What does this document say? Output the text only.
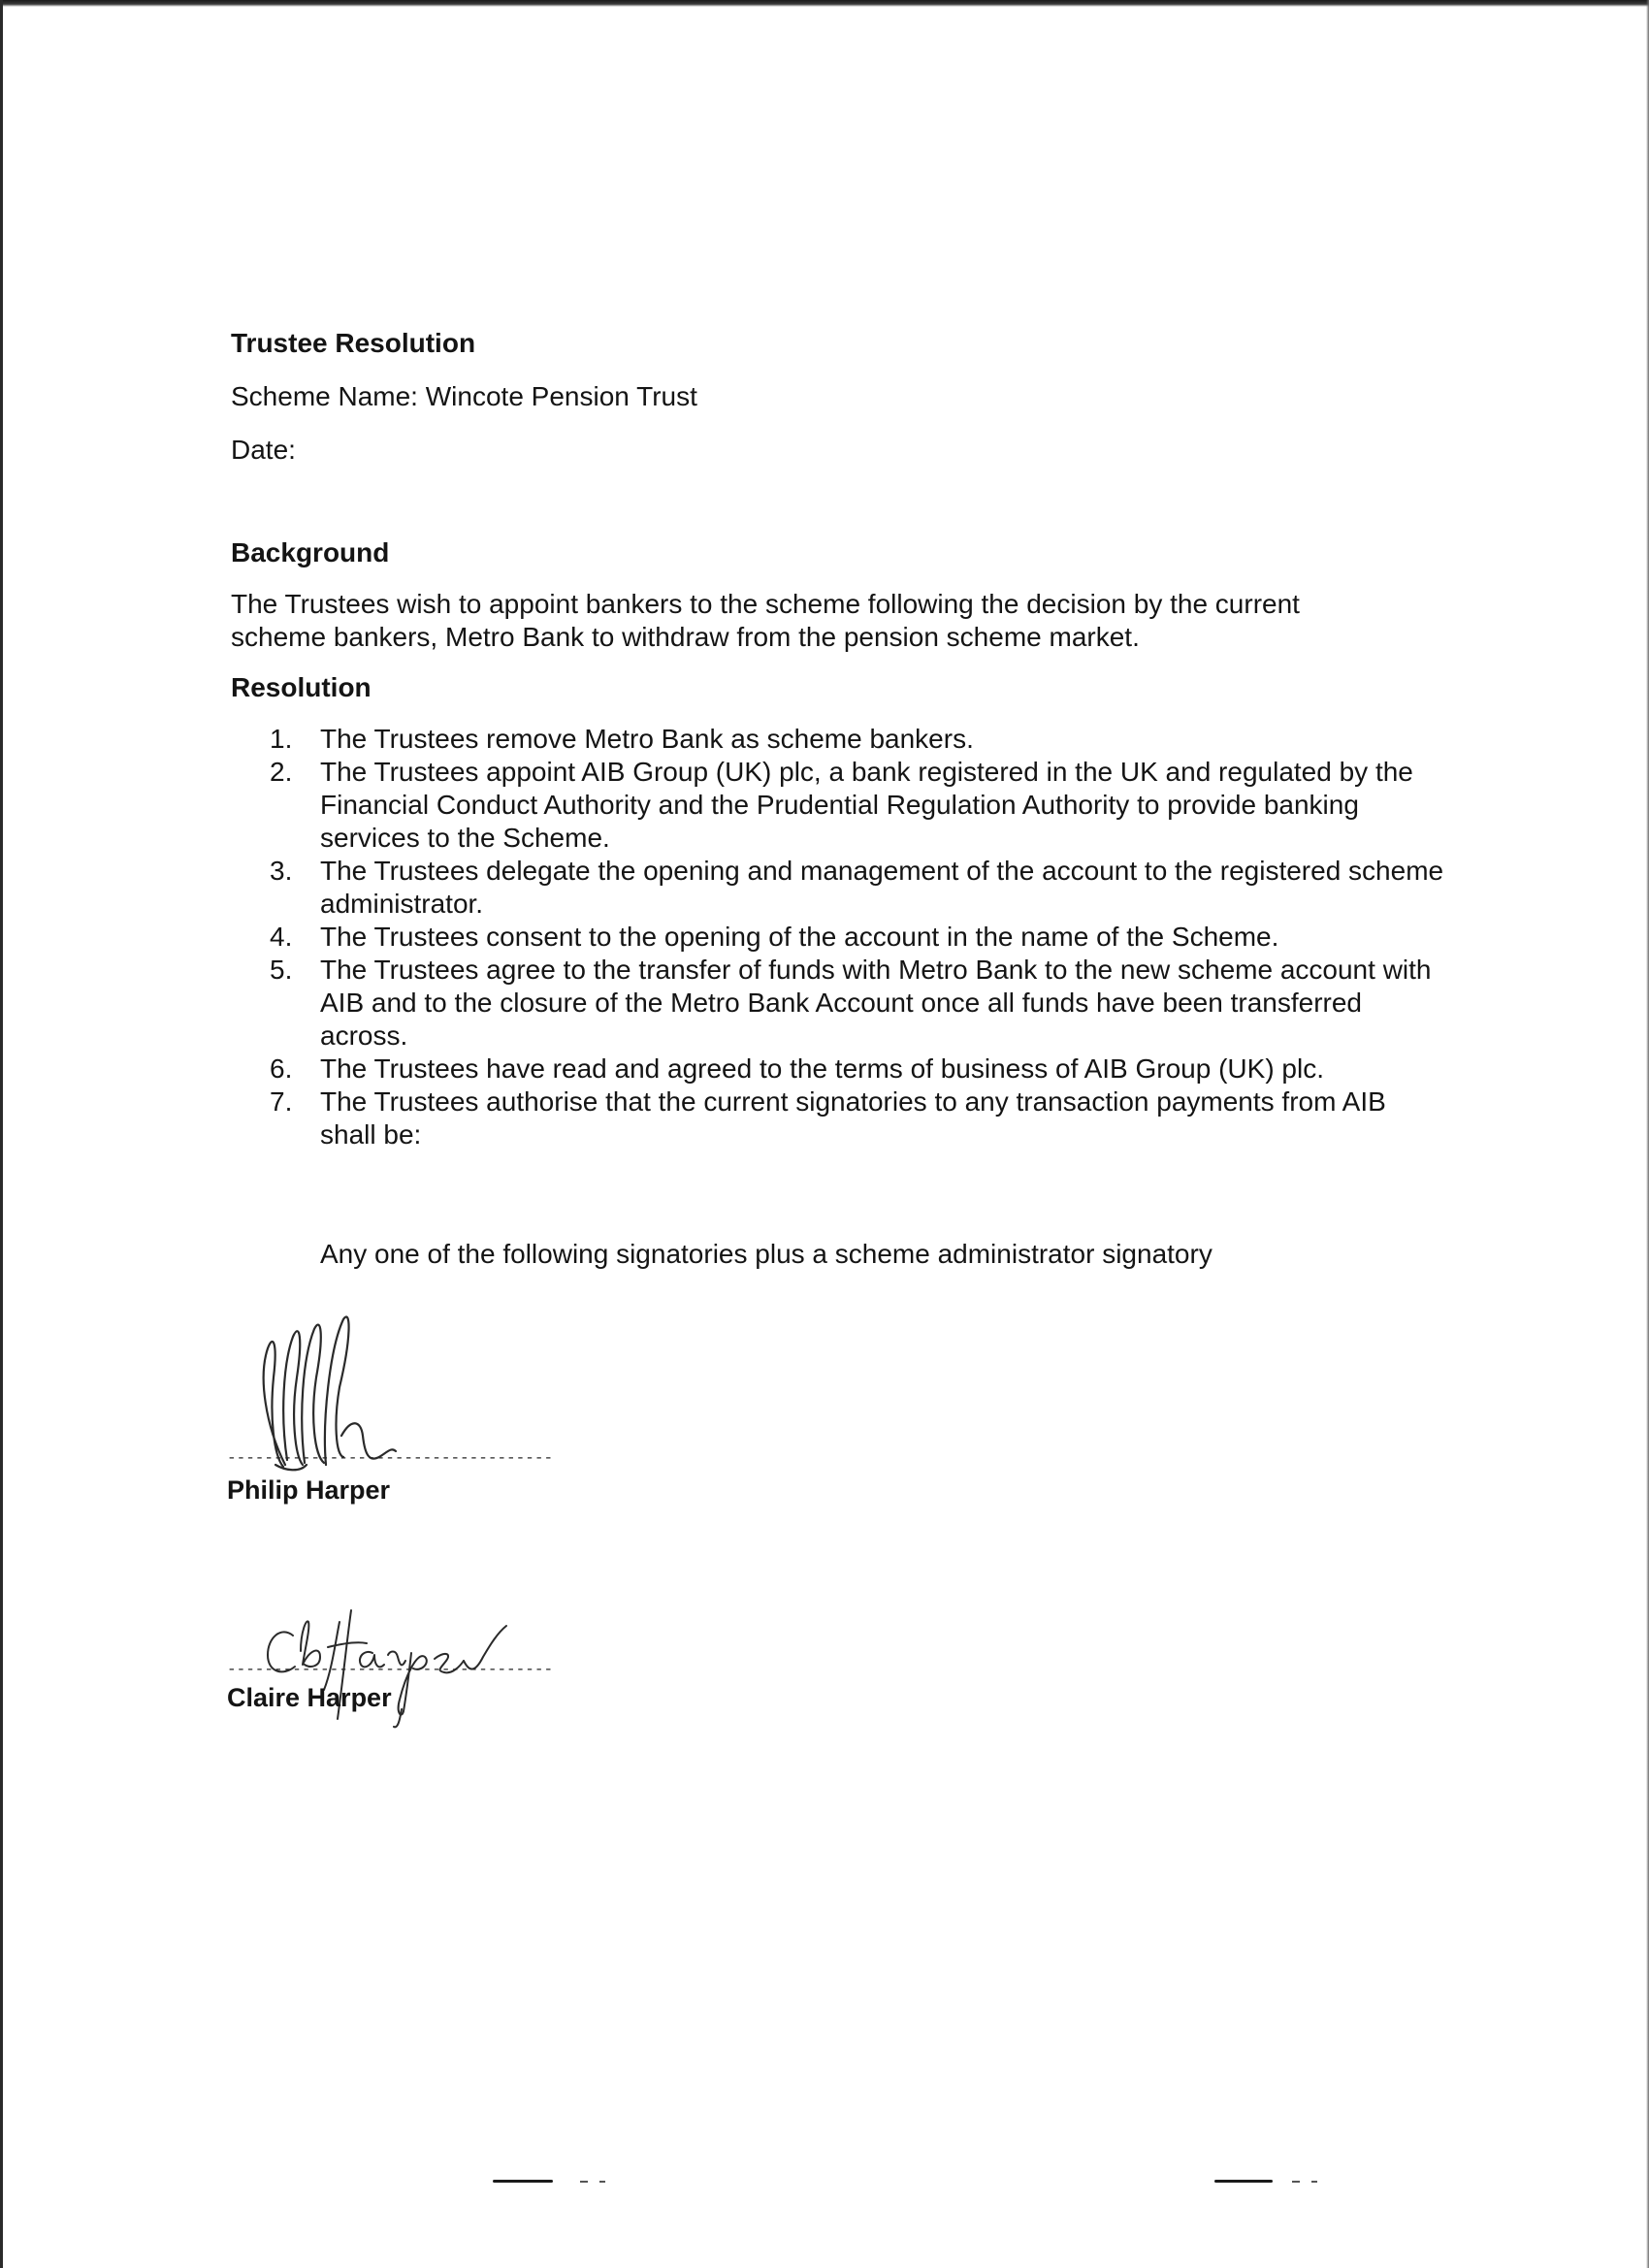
Trustee Resolution

Scheme Name: Wincote Pension Trust

Date:

Background

The Trustees wish to appoint bankers to the scheme following the decision by the current scheme bankers, Metro Bank to withdraw from the pension scheme market.

Resolution

1.	The Trustees remove Metro Bank as scheme bankers.
2.	The Trustees appoint AIB Group (UK) plc, a bank registered in the UK and regulated by the Financial Conduct Authority and the Prudential Regulation Authority to provide banking services to the Scheme.
3.	The Trustees delegate the opening and management of the account to the registered scheme administrator.
4.	The Trustees consent to the opening of the account in the name of the Scheme.
5.	The Trustees agree to the transfer of funds with Metro Bank to the new scheme account with AIB and to the closure of the Metro Bank Account once all funds have been transferred across.
6.	The Trustees have read and agreed to the terms of business of AIB Group (UK) plc.
7.	The Trustees authorise that the current signatories to any transaction payments from AIB shall be:

Any one of the following signatories plus a scheme administrator signatory

-----------------------------------
Philip Harper
-----------------------------------
Claire Harper
